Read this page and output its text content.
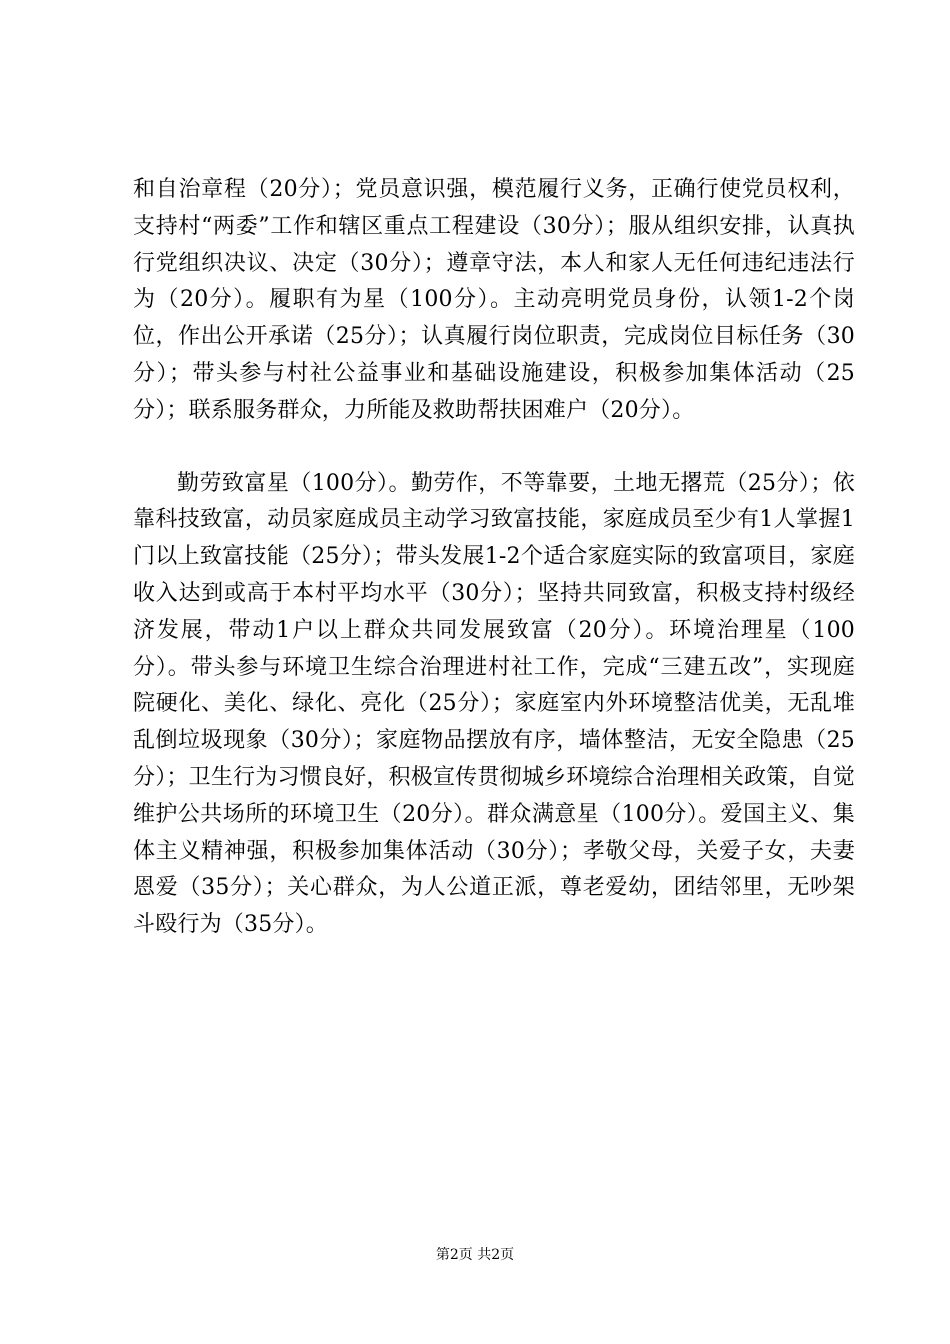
和自治章程（20分）；党员意识强，模范履行义务，正确行使党员权利，支持村“两委”工作和辖区重点工程建设（30分）；服从组织安排，认真执行党组织决议、决定（30分）；遵章守法，本人和家人无任何违纪违法行为（20分）。履职有为星（100分）。主动亮明党员身份，认领1-2个岗位，作出公开承诺（25分）；认真履行岗位职责，完成岗位目标任务（30分）；带头参与村社公益事业和基础设施建设，积极参加集体活动（25分）；联系服务群众，力所能及救助帮扶困难户（20分）。

勤劳致富星（100分）。勤劳作，不等靠要，土地无撂荒（25分）；依靠科技致富，动员家庭成员主动学习致富技能，家庭成员至少有1人掌握1门以上致富技能（25分）；带头发展1-2个适合家庭实际的致富项目，家庭收入达到或高于本村平均水平（30分）；坚持共同致富，积极支持村级经济发展，带动1户以上群众共同发展致富（20分）。环境治理星（100分）。带头参与环境卫生综合治理进村社工作，完成“三建五改”，实现庭院硬化、美化、绿化、亮化（25分）；家庭室内外环境整洁优美，无乱堆乱倒垃圾现象（30分）；家庭物品摆放有序，墙体整洁，无安全隐患（25分）；卫生行为习惯良好，积极宣传贯彻城乡环境综合治理相关政策，自觉维护公共场所的环境卫生（20分）。群众满意星（100分）。爱国主义、集体主义精神强，积极参加集体活动（30分）；孝敬父母，关爱子女，夫妻恩爱（35分）；关心群众，为人公道正派，尊老爱幼，团结邻里，无吵架斗殴行为（35分）。

第2页 共2页
